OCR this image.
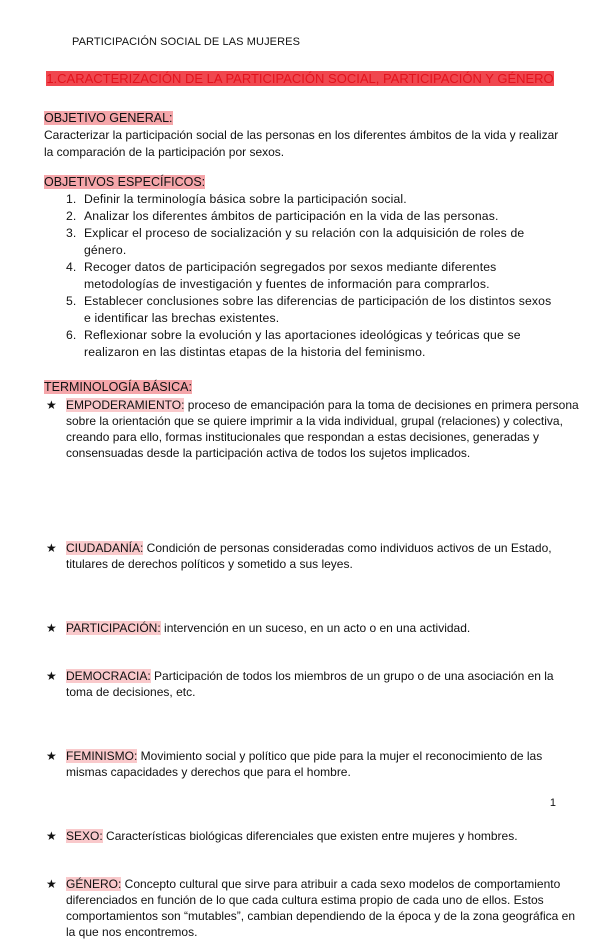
PARTICIPACIÓN SOCIAL DE LAS MUJERES
1.CARACTERIZACIÓN DE LA PARTICIPACIÓN SOCIAL, PARTICIPACIÓN Y GÉNERO
OBJETIVO GENERAL:
Caracterizar la participación social de las personas en los diferentes ámbitos de la vida y realizar la comparación de la participación por sexos.
OBJETIVOS ESPECÍFICOS:
1. Definir la terminología básica sobre la participación social.
2. Analizar los diferentes ámbitos de participación en la vida de las personas.
3. Explicar el proceso de socialización y su relación con la adquisición de roles de género.
4. Recoger datos de participación segregados por sexos mediante diferentes metodologías de investigación y fuentes de información para comprarlos.
5. Establecer conclusiones sobre las diferencias de participación de los distintos sexos e identificar las brechas existentes.
6. Reflexionar sobre la evolución y las aportaciones ideológicas y teóricas que se realizaron en las distintas etapas de la historia del feminismo.
TERMINOLOGÍA BÁSICA:
★ EMPODERAMIENTO: proceso de emancipación para la toma de decisiones en primera persona sobre la orientación que se quiere imprimir a la vida individual, grupal (relaciones) y colectiva, creando para ello, formas institucionales que respondan a estas decisiones, generadas y consensuadas desde la participación activa de todos los sujetos implicados.
★ CIUDADANÍA: Condición de personas consideradas como individuos activos de un Estado, titulares de derechos políticos y sometido a sus leyes.
★ PARTICIPACIÓN: intervención en un suceso, en un acto o en una actividad.
★ DEMOCRACIA: Participación de todos los miembros de un grupo o de una asociación en la toma de decisiones, etc.
★ FEMINISMO: Movimiento social y político que pide para la mujer el reconocimiento de las mismas capacidades y derechos que para el hombre.
★ SEXO: Características biológicas diferenciales que existen entre mujeres y hombres.
★ GÉNERO: Concepto cultural que sirve para atribuir a cada sexo modelos de comportamiento diferenciados en función de lo que cada cultura estima propio de cada uno de ellos. Estos comportamientos son “mutables”, cambian dependiendo de la época y de la zona geográfica en la que nos encontremos.
1
